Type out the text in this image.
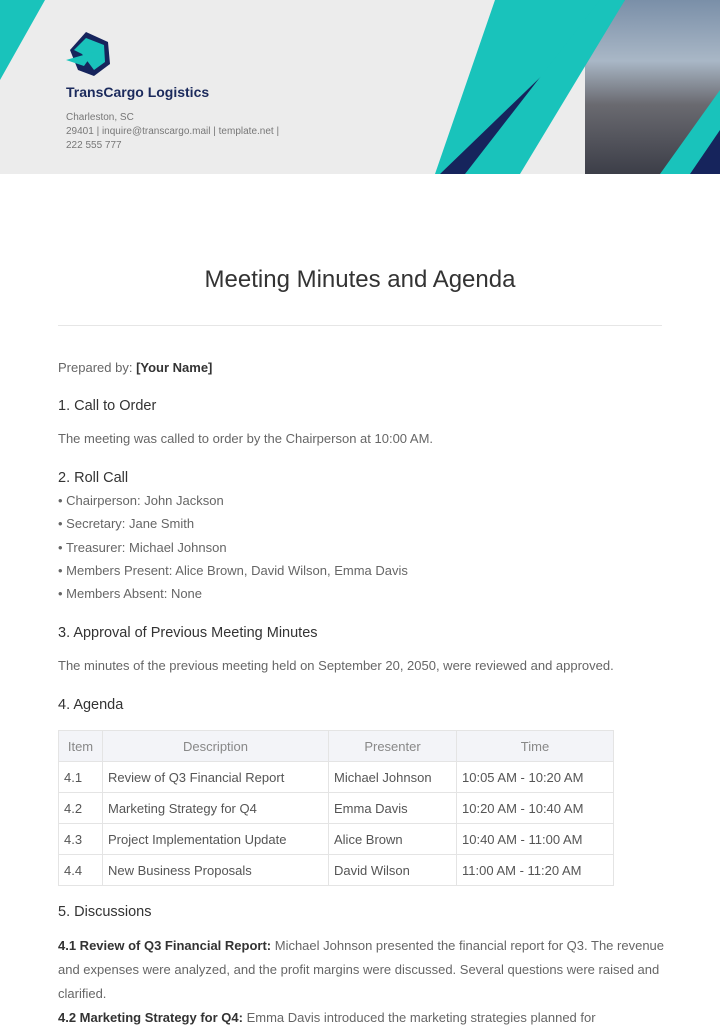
TransCargo Logistics
Charleston, SC
29401 | inquire@transcargo.mail | template.net |
222 555 777
Meeting Minutes and Agenda
Prepared by: [Your Name]
1. Call to Order
The meeting was called to order by the Chairperson at 10:00 AM.
2. Roll Call
• Chairperson: John Jackson
• Secretary: Jane Smith
• Treasurer: Michael Johnson
• Members Present: Alice Brown, David Wilson, Emma Davis
• Members Absent: None
3. Approval of Previous Meeting Minutes
The minutes of the previous meeting held on September 20, 2050, were reviewed and approved.
4. Agenda
Item	Description	Presenter	Time
4.1	Review of Q3 Financial Report	Michael Johnson	10:05 AM - 10:20 AM
4.2	Marketing Strategy for Q4	Emma Davis	10:20 AM - 10:40 AM
4.3	Project Implementation Update	Alice Brown	10:40 AM - 11:00 AM
4.4	New Business Proposals	David Wilson	11:00 AM - 11:20 AM
5. Discussions
4.1 Review of Q3 Financial Report: Michael Johnson presented the financial report for Q3. The revenue and expenses were analyzed, and the profit margins were discussed. Several questions were raised and clarified.
4.2 Marketing Strategy for Q4: Emma Davis introduced the marketing strategies planned for
